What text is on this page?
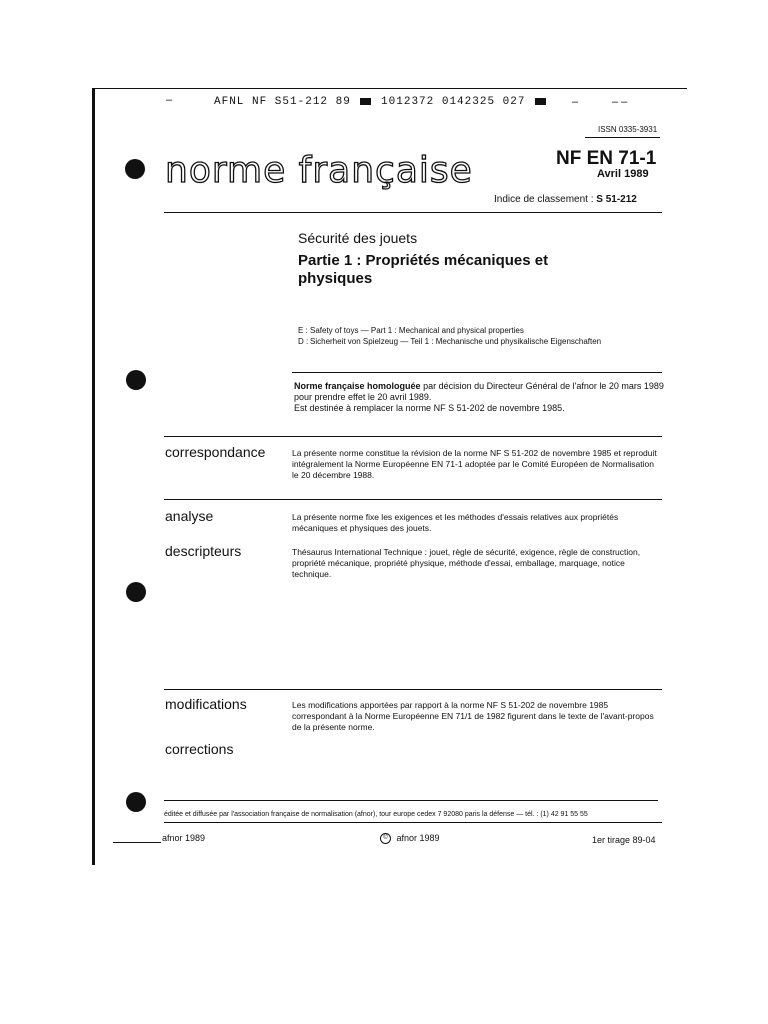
–	AFNL NF S51-212 89	1012372 0142325 027	–	– –
ISSN 0335-3931
norme française	NF EN 71-1
Avril 1989
Indice de classement : S 51-212
Sécurité des jouets
Partie 1 : Propriétés mécaniques et physiques
E : Safety of toys — Part 1 : Mechanical and physical properties
D : Sicherheit von Spielzeug — Teil 1 : Mechanische und physikalische Eigenschaften
Norme française homologuée par décision du Directeur Général de l'afnor le 20 mars 1989 pour prendre effet le 20 avril 1989.
Est destinée à remplacer la norme NF S 51-202 de novembre 1985.
correspondance	La présente norme constitue la révision de la norme NF S 51-202 de novembre 1985 et reproduit intégralement la Norme Européenne EN 71-1 adoptée par le Comité Européen de Normalisation le 20 décembre 1988.
analyse	La présente norme fixe les exigences et les méthodes d'essais relatives aux propriétés mécaniques et physiques des jouets.
descripteurs	Thésaurus International Technique : jouet, règle de sécurité, exigence, règle de construction, propriété mécanique, propriété physique, méthode d'essai, emballage, marquage, notice technique.
modifications	Les modifications apportées par rapport à la norme NF S 51-202 de novembre 1985 correspondant à la Norme Européenne EN 71/1 de 1982 figurent dans le texte de l'avant-propos de la présente norme.
corrections
éditée et diffusée par l'association française de normalisation (afnor), tour europe cedex 7 92080 paris la défense — tél. : (1) 42 91 55 55
afnor 1989	© afnor 1989	1er tirage 89-04
